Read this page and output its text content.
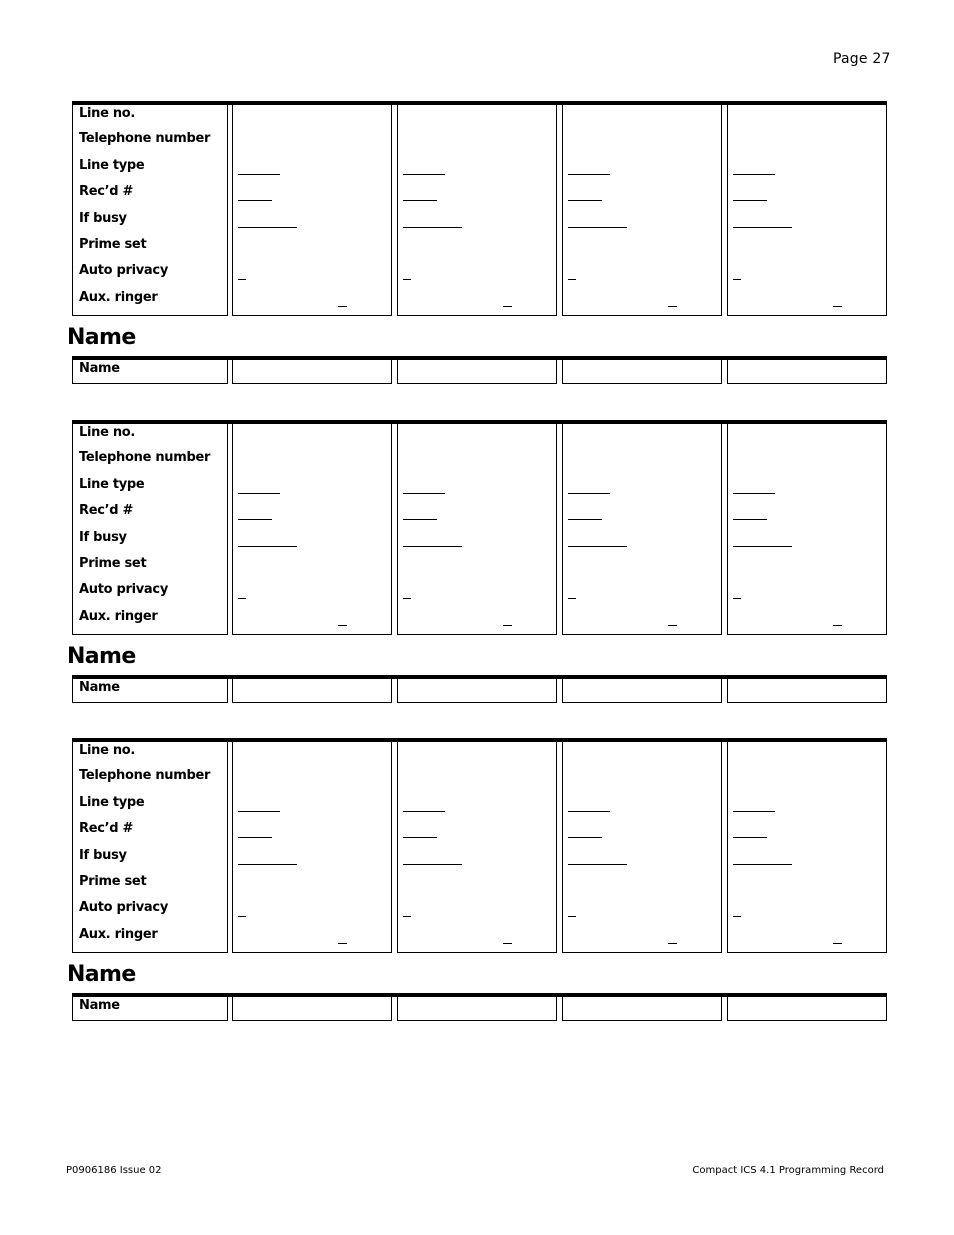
Page 27
Line no.
Telephone number
Line type
Rec’d #
If busy
Prime set
Auto privacy
Aux. ringer
Name
Name
Line no.
Telephone number
Line type
Rec’d #
If busy
Prime set
Auto privacy
Aux. ringer
Name
Name
Line no.
Telephone number
Line type
Rec’d #
If busy
Prime set
Auto privacy
Aux. ringer
Name
Name
P0906186 Issue 02	Compact ICS 4.1 Programming Record
